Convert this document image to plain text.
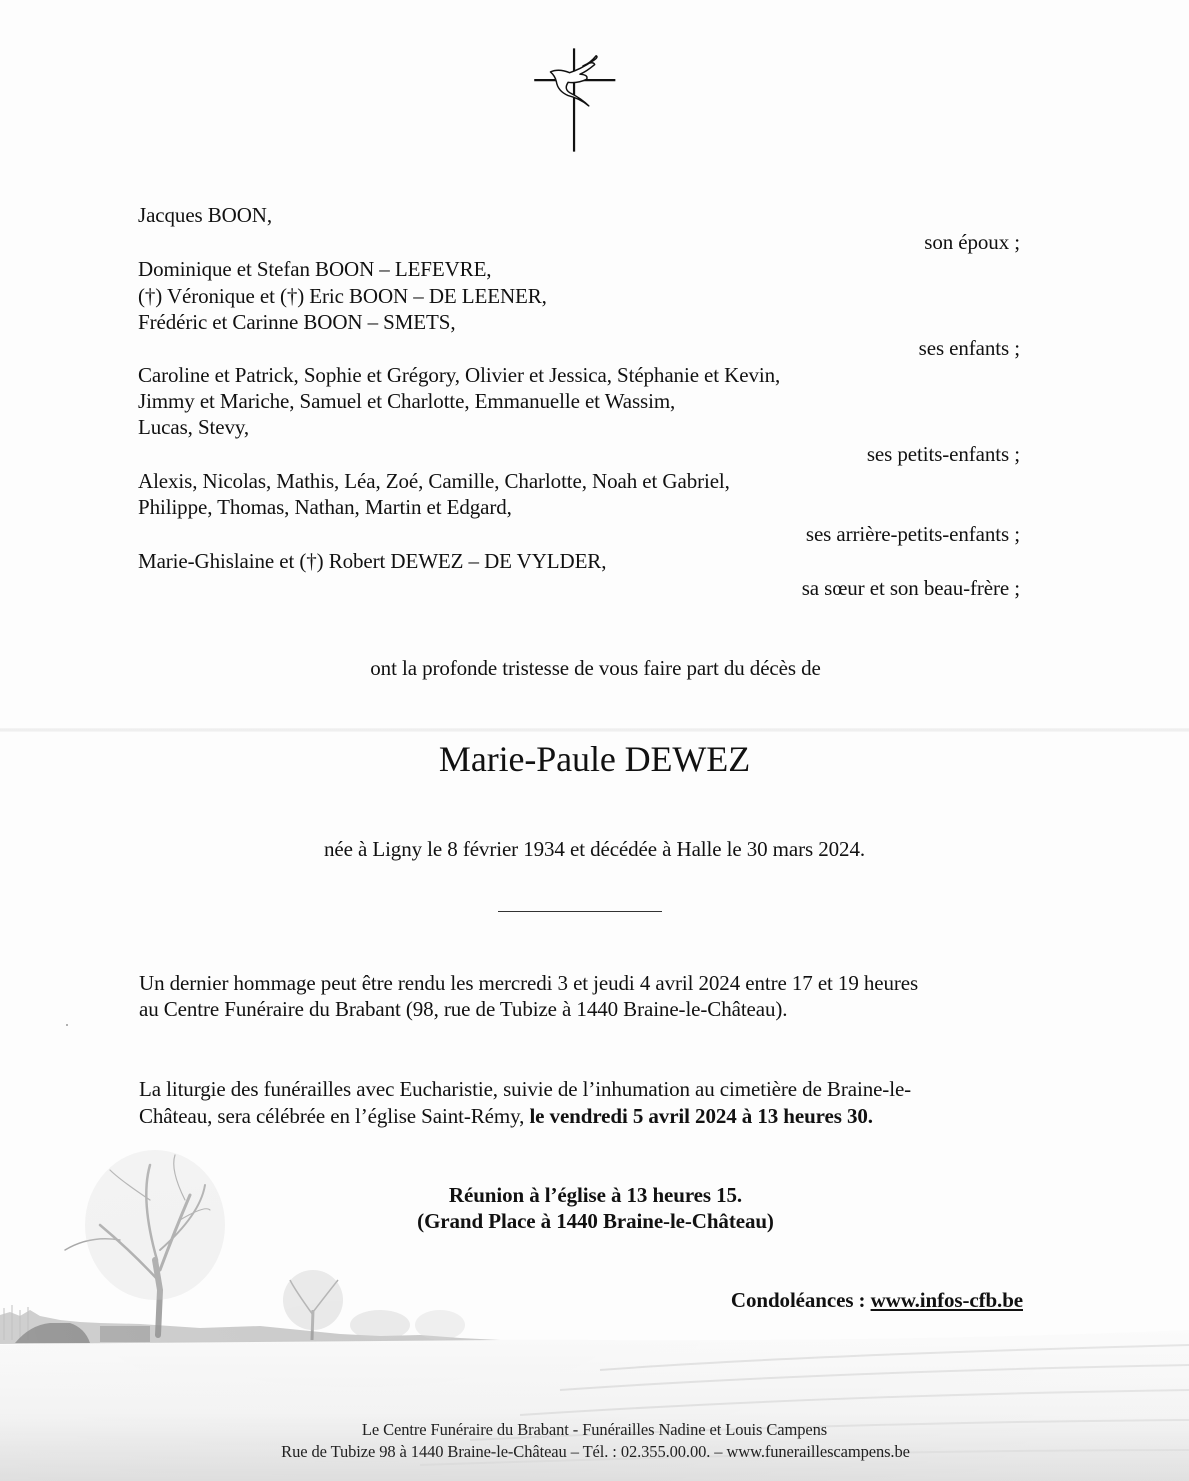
Jacques BOON,
son époux ;
Dominique et Stefan BOON – LEFEVRE,
(†) Véronique et (†) Eric BOON – DE LEENER,
Frédéric et Carinne BOON – SMETS,
ses enfants ;
Caroline et Patrick, Sophie et Grégory, Olivier et Jessica, Stéphanie et Kevin,
Jimmy et Mariche, Samuel et Charlotte, Emmanuelle et Wassim,
Lucas, Stevy,
ses petits-enfants ;
Alexis, Nicolas, Mathis, Léa, Zoé, Camille, Charlotte, Noah et Gabriel,
Philippe, Thomas, Nathan, Martin et Edgard,
ses arrière-petits-enfants ;
Marie-Ghislaine et (†) Robert DEWEZ – DE VYLDER,
sa sœur et son beau-frère ;
ont la profonde tristesse de vous faire part du décès de
Marie-Paule DEWEZ
née à Ligny le 8 février 1934 et décédée à Halle le 30 mars 2024.
Un dernier hommage peut être rendu les mercredi 3 et jeudi 4 avril 2024 entre 17 et 19 heures
au Centre Funéraire du Brabant (98, rue de Tubize à 1440 Braine-le-Château).
La liturgie des funérailles avec Eucharistie, suivie de l’inhumation au cimetière de Braine-le-
Château, sera célébrée en l’église Saint-Rémy, le vendredi 5 avril 2024 à 13 heures 30.
Réunion à l’église à 13 heures 15.
(Grand Place à 1440 Braine-le-Château)
Condoléances : www.infos-cfb.be
Le Centre Funéraire du Brabant - Funérailles Nadine et Louis Campens
Rue de Tubize 98 à 1440 Braine-le-Château – Tél. : 02.355.00.00. – www.funeraillescampens.be
